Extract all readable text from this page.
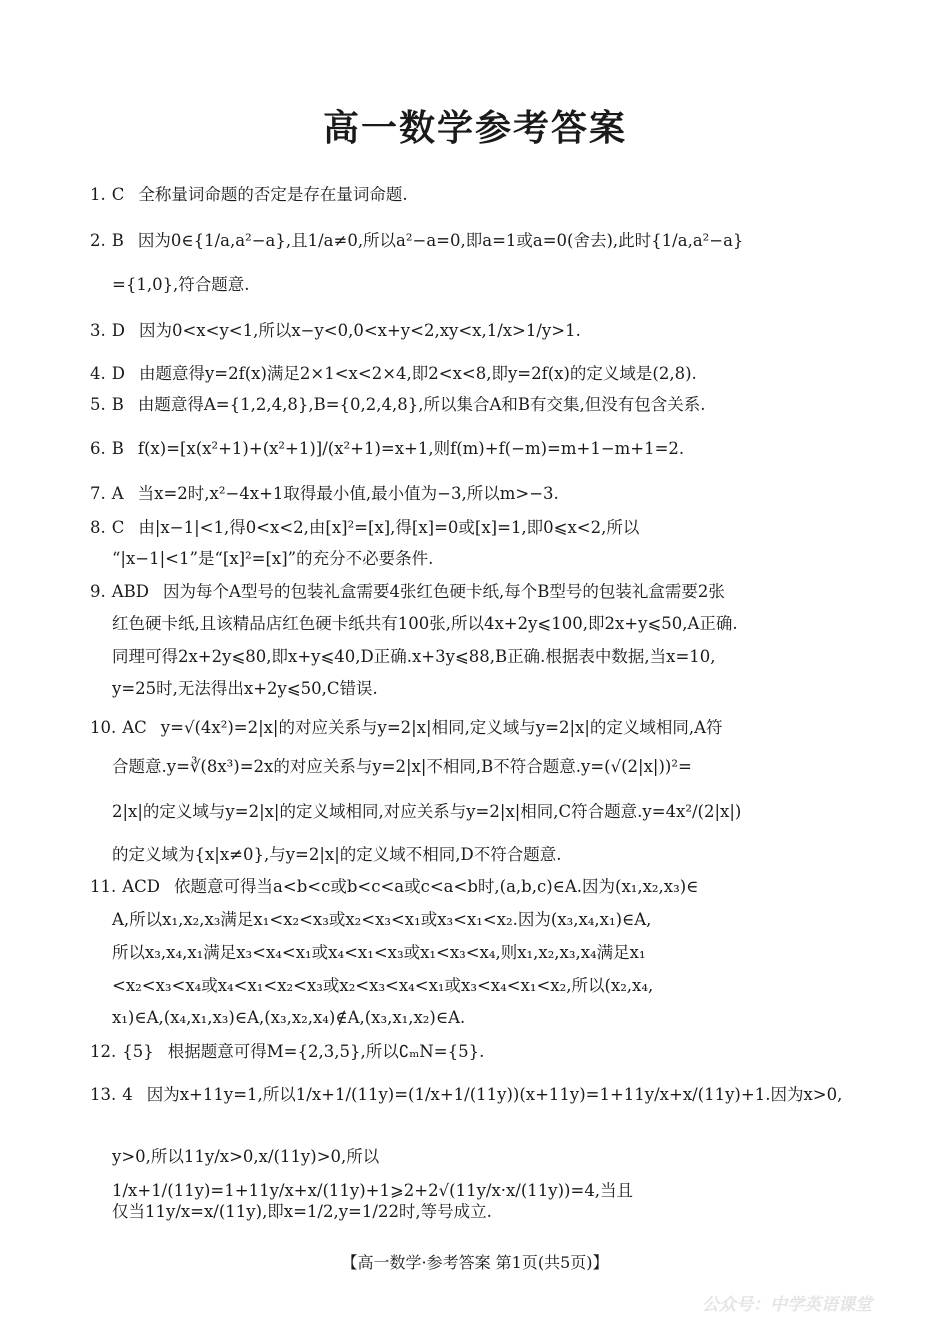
高一数学参考答案
1. C 全称量词命题的否定是存在量词命题.
2. B 因为0∈{1/a,a²−a},且1/a≠0,所以a²−a=0,即a=1或a=0(舍去),此时{1/a,a²−a}
={1,0},符合题意.
3. D 因为0<x<y<1,所以x−y<0,0<x+y<2,xy<x,1/x>1/y>1.
4. D 由题意得y=2f(x)满足2×1<x<2×4,即2<x<8,即y=2f(x)的定义域是(2,8).
5. B 由题意得A={1,2,4,8},B={0,2,4,8},所以集合A和B有交集,但没有包含关系.
6. B f(x)=[x(x²+1)+(x²+1)]/(x²+1)=x+1,则f(m)+f(−m)=m+1−m+1=2.
7. A 当x=2时,x²−4x+1取得最小值,最小值为−3,所以m>−3.
8. C 由|x−1|<1,得0<x<2,由[x]²=[x],得[x]=0或[x]=1,即0⩽x<2,所以
“|x−1|<1”是“[x]²=[x]”的充分不必要条件.
9. ABD 因为每个A型号的包装礼盒需要4张红色硬卡纸,每个B型号的包装礼盒需要2张
红色硬卡纸,且该精品店红色硬卡纸共有100张,所以4x+2y⩽100,即2x+y⩽50,A正确.
同理可得2x+2y⩽80,即x+y⩽40,D正确.x+3y⩽88,B正确.根据表中数据,当x=10,
y=25时,无法得出x+2y⩽50,C错误.
10. AC y=√(4x²)=2|x|的对应关系与y=2|x|相同,定义域与y=2|x|的定义域相同,A符
合题意.y=∛(8x³)=2x的对应关系与y=2|x|不相同,B不符合题意.y=(√(2|x|))²=
2|x|的定义域与y=2|x|的定义域相同,对应关系与y=2|x|相同,C符合题意.y=4x²/(2|x|)
的定义域为{x|x≠0},与y=2|x|的定义域不相同,D不符合题意.
11. ACD 依题意可得当a<b<c或b<c<a或c<a<b时,(a,b,c)∈A.因为(x₁,x₂,x₃)∈
A,所以x₁,x₂,x₃满足x₁<x₂<x₃或x₂<x₃<x₁或x₃<x₁<x₂.因为(x₃,x₄,x₁)∈A,
所以x₃,x₄,x₁满足x₃<x₄<x₁或x₄<x₁<x₃或x₁<x₃<x₄,则x₁,x₂,x₃,x₄满足x₁
<x₂<x₃<x₄或x₄<x₁<x₂<x₃或x₂<x₃<x₄<x₁或x₃<x₄<x₁<x₂,所以(x₂,x₄,
x₁)∈A,(x₄,x₁,x₃)∈A,(x₃,x₂,x₄)∉A,(x₃,x₁,x₂)∈A.
12. {5} 根据题意可得M={2,3,5},所以∁ₘN={5}.
13. 4 因为x+11y=1,所以1/x+1/(11y)=(1/x+1/(11y))(x+11y)=1+11y/x+x/(11y)+1.因为x>0,
y>0,所以11y/x>0,x/(11y)>0,所以1/x+1/(11y)=1+11y/x+x/(11y)+1⩾2+2√(11y/x·x/(11y))=4,当且
仅当11y/x=x/(11y),即x=1/2,y=1/22时,等号成立.
【高一数学·参考答案 第1页(共5页)】
公众号：中学英语课堂
